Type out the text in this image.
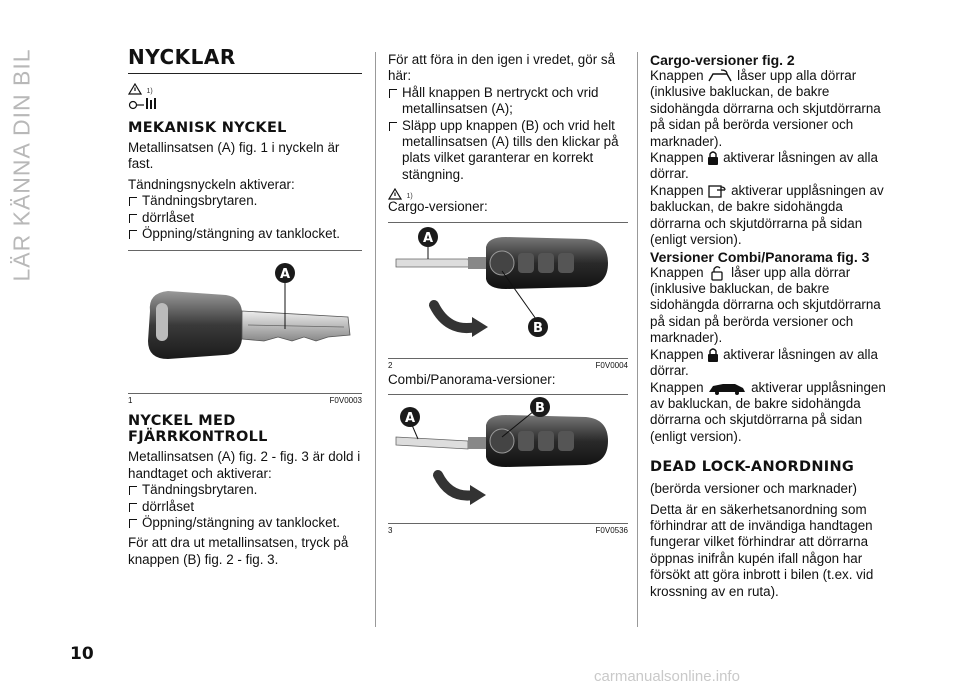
LÄR KÄNNA DIN BIL	NYCKLAR
1)
MEKANISK NYCKEL

Metallinsatsen (A) fig. 1 i nyckeln är fast.

Tändningsnyckeln aktiverar:

Tändningsbrytaren.

dörrlåset

Öppning/stängning av tanklocket.

A
1	F0V0003
NYCKEL MED FJÄRRKONTROLL

Metallinsatsen (A) fig. 2 - fig. 3 är dold i handtaget och aktiverar:

Tändningsbrytaren.

dörrlåset

Öppning/stängning av tanklocket.

För att dra ut metallinsatsen, tryck på knappen (B) fig. 2 - fig. 3.

För att föra in den igen i vredet, gör så här:

Håll knappen B nertryckt och vrid metallinsatsen (A);

Släpp upp knappen (B) och vrid helt metallinsatsen (A) tills den klickar på plats vilket garanterar en korrekt stängning.

1)

Cargo-versioner:

A
B
2	F0V0004

Combi/Panorama-versioner:

A
B
3	F0V0536
Cargo-versioner fig. 2

Knappen låser upp alla dörrar (inklusive bakluckan, de bakre sidohängda dörrarna och skjutdörrarna på sidan på berörda versioner och marknader).

Knappen aktiverar låsningen av alla dörrar.

Knappen aktiverar upplåsningen av bakluckan, de bakre sidohängda dörrarna och skjutdörrarna på sidan (enligt version).

Versioner Combi/Panorama fig. 3

Knappen låser upp alla dörrar (inklusive bakluckan, de bakre sidohängda dörrarna och skjutdörrarna på sidan på berörda versioner och marknader).

Knappen aktiverar låsningen av alla dörrar.

Knappen	aktiverar upplåsningen av bakluckan, de bakre sidohängda dörrarna och skjutdörrarna på sidan (enligt version).

DEAD LOCK-ANORDNING

(berörda versioner och marknader)

Detta är en säkerhetsanordning som förhindrar att de invändiga handtagen fungerar vilket förhindrar att dörrarna öppnas inifrån kupén ifall någon har försökt att göra inbrott i bilen (t.ex. vid krossning av en ruta).

10
carmanualsonline.info
